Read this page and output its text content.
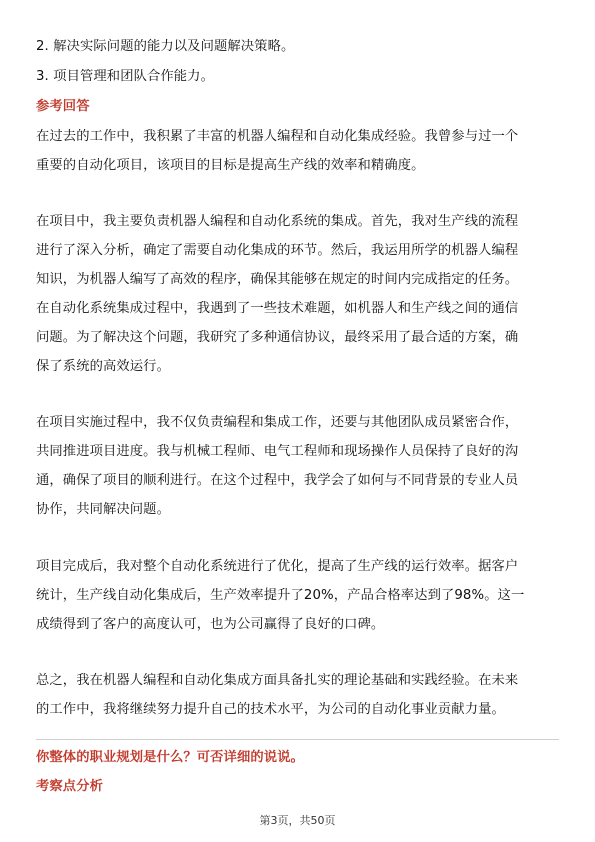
2. 解决实际问题的能力以及问题解决策略。
3. 项目管理和团队合作能力。
参考回答
在过去的工作中，我积累了丰富的机器人编程和自动化集成经验。我曾参与过一个
重要的自动化项目，该项目的目标是提高生产线的效率和精确度。
在项目中，我主要负责机器人编程和自动化系统的集成。首先，我对生产线的流程
进行了深入分析，确定了需要自动化集成的环节。然后，我运用所学的机器人编程
知识，为机器人编写了高效的程序，确保其能够在规定的时间内完成指定的任务。
在自动化系统集成过程中，我遇到了一些技术难题，如机器人和生产线之间的通信
问题。为了解决这个问题，我研究了多种通信协议，最终采用了最合适的方案，确
保了系统的高效运行。
在项目实施过程中，我不仅负责编程和集成工作，还要与其他团队成员紧密合作，
共同推进项目进度。我与机械工程师、电气工程师和现场操作人员保持了良好的沟
通，确保了项目的顺利进行。在这个过程中，我学会了如何与不同背景的专业人员
协作，共同解决问题。
项目完成后，我对整个自动化系统进行了优化，提高了生产线的运行效率。据客户
统计，生产线自动化集成后，生产效率提升了20%，产品合格率达到了98%。这一
成绩得到了客户的高度认可，也为公司赢得了良好的口碑。
总之，我在机器人编程和自动化集成方面具备扎实的理论基础和实践经验。在未来
的工作中，我将继续努力提升自己的技术水平，为公司的自动化事业贡献力量。
你整体的职业规划是什么？可否详细的说说。
考察点分析
第3页，共50页
